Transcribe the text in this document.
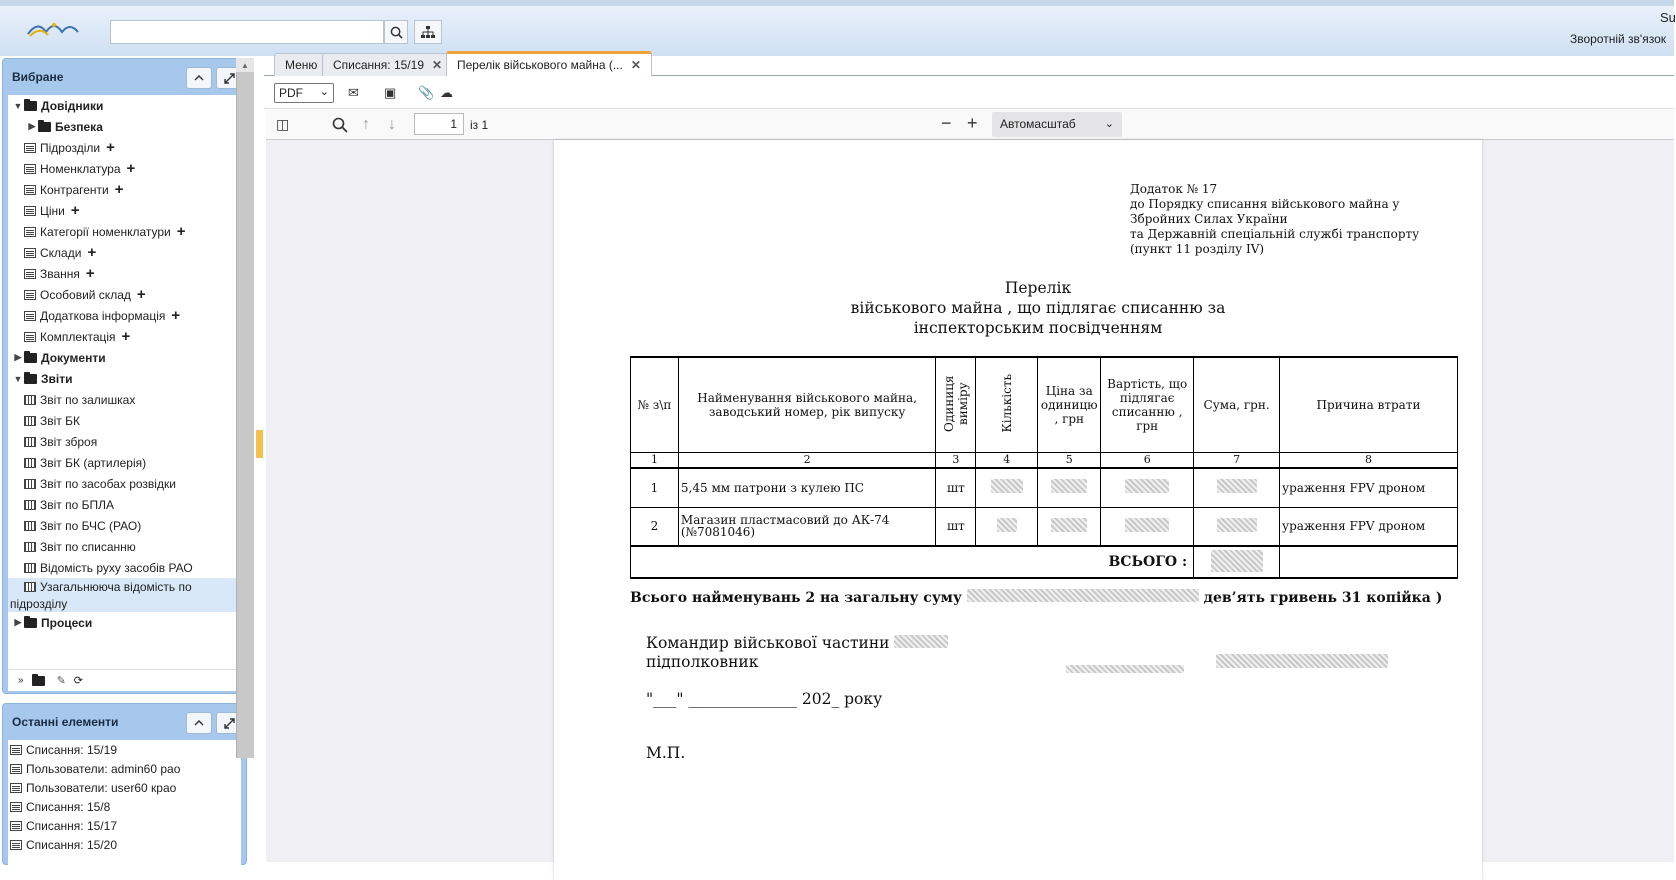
Su
Зворотній зв'язок
Вибране
▼ Довідники
▶ Безпека
Підрозділи +
Номенклатура +
Контрагенти +
Ціни +
Категорії номенклатури +
Склади +
Звання +
Особовий склад +
Додаткова інформація +
Комплектація +
▶ Документи
▼ Звіти
Звіт по залишках
Звіт БК
Звіт зброя
Звіт БК (артилерія)
Звіт по засобах розвідки
Звіт по БПЛА
Звіт по БЧС (РАО)
Звіт по списанню
Відомість руху засобів РАО
Узагальнююча відомість по
підрозділу
▶ Процеси
»	✎ ⟳
Останні елементи
Списання: 15/19
Пользователи: admin60 рао
Пользователи: user60 крао
Списання: 15/8
Списання: 15/17
Списання: 15/20
▲	Меню Списання: 15/19 ✕ Перелік військового майна (... ✕
PDF ⌄ ✉ ▣ 📎 ☁
◫	↑ ↓	1	із 1	− +	Автомасштаб	⌄
Додаток № 17
до Порядку списання військового майна у
Збройних Силах України
та Державній спеціальній службі транспорту
(пункт 11 розділу IV)
Перелік
військового майна , що підлягає списанню за
інспекторським посвідченням
№ з\п	Найменування військового майна, заводський номер, рік випуску	Одиниця виміру	Кількість	Ціна за одиницю , грн	Вартість, що підлягає списанню , грн	Сума, грн.	Причина втрати
1	2	3	4	5	6	7	8
1	5,45 мм патрони з кулею ПС	шт					ураження FPV дроном
2	Магазин пластмасовий до АК-74 (№7081046)	шт					ураження FPV дроном
ВСЬОГО :							
Всього найменувань 2 на загальну суму	дев’ять гривень 31 копійка )
Командир військової частини
підполковник
"___" ______________ 202_ року
М.П.
